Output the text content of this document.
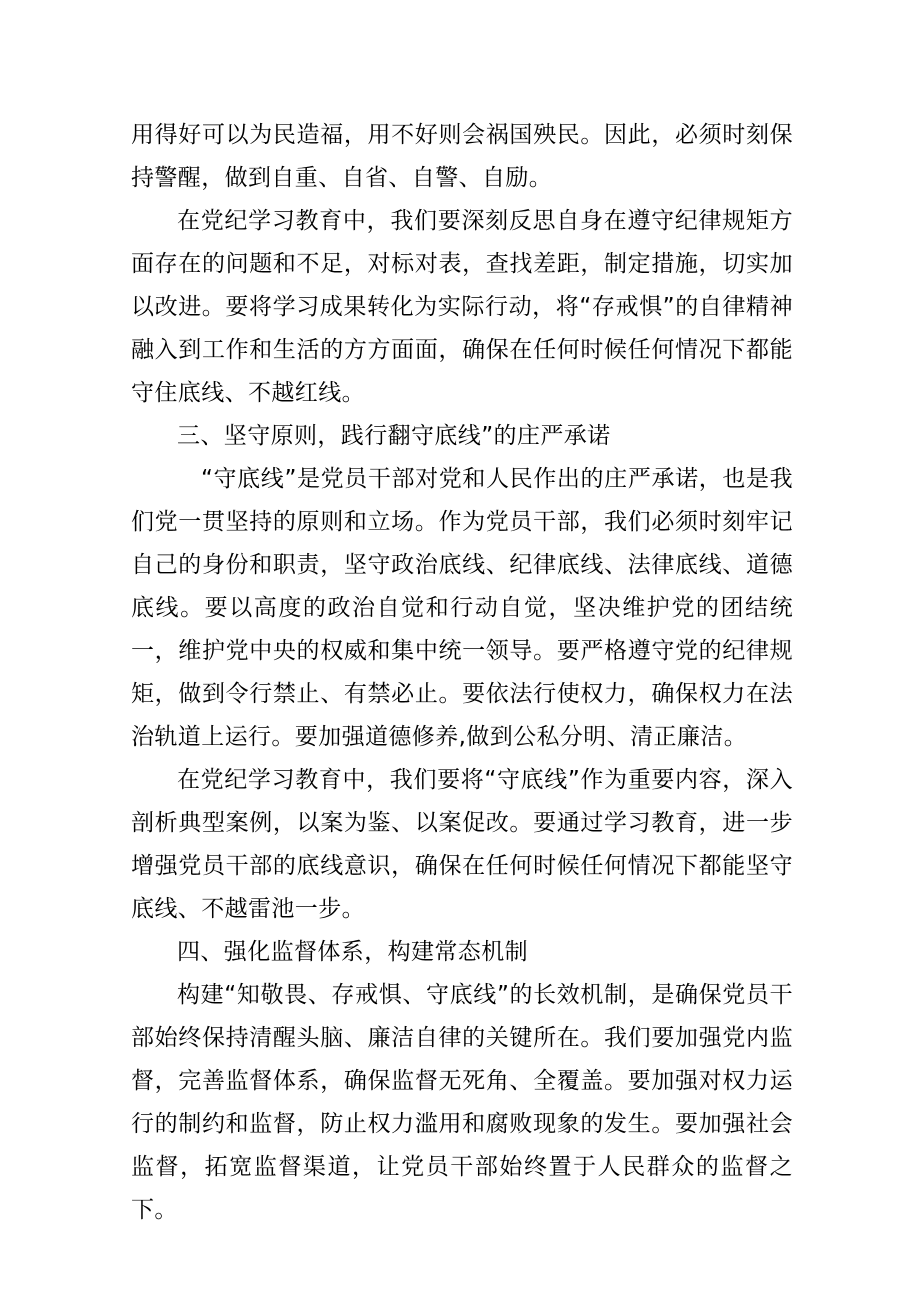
用得好可以为民造福，用不好则会祸国殃民。因此，必须时刻保持警醒，做到自重、自省、自警、自励。

在党纪学习教育中，我们要深刻反思自身在遵守纪律规矩方面存在的问题和不足，对标对表，查找差距，制定措施，切实加以改进。要将学习成果转化为实际行动，将“存戒惧”的自律精神融入到工作和生活的方方面面，确保在任何时候任何情况下都能守住底线、不越红线。

三、坚守原则，践行翻守底线”的庄严承诺

“守底线”是党员干部对党和人民作出的庄严承诺，也是我们党一贯坚持的原则和立场。作为党员干部，我们必须时刻牢记自己的身份和职责，坚守政治底线、纪律底线、法律底线、道德底线。要以高度的政治自觉和行动自觉，坚决维护党的团结统一，维护党中央的权威和集中统一领导。要严格遵守党的纪律规矩，做到令行禁止、有禁必止。要依法行使权力，确保权力在法治轨道上运行。要加强道德修养,做到公私分明、清正廉洁。

在党纪学习教育中，我们要将“守底线”作为重要内容，深入剖析典型案例，以案为鉴、以案促改。要通过学习教育，进一步增强党员干部的底线意识，确保在任何时候任何情况下都能坚守底线、不越雷池一步。

四、强化监督体系，构建常态机制

构建“知敬畏、存戒惧、守底线”的长效机制，是确保党员干部始终保持清醒头脑、廉洁自律的关键所在。我们要加强党内监督，完善监督体系，确保监督无死角、全覆盖。要加强对权力运行的制约和监督，防止权力滥用和腐败现象的发生。要加强社会监督，拓宽监督渠道，让党员干部始终置于人民群众的监督之下。
